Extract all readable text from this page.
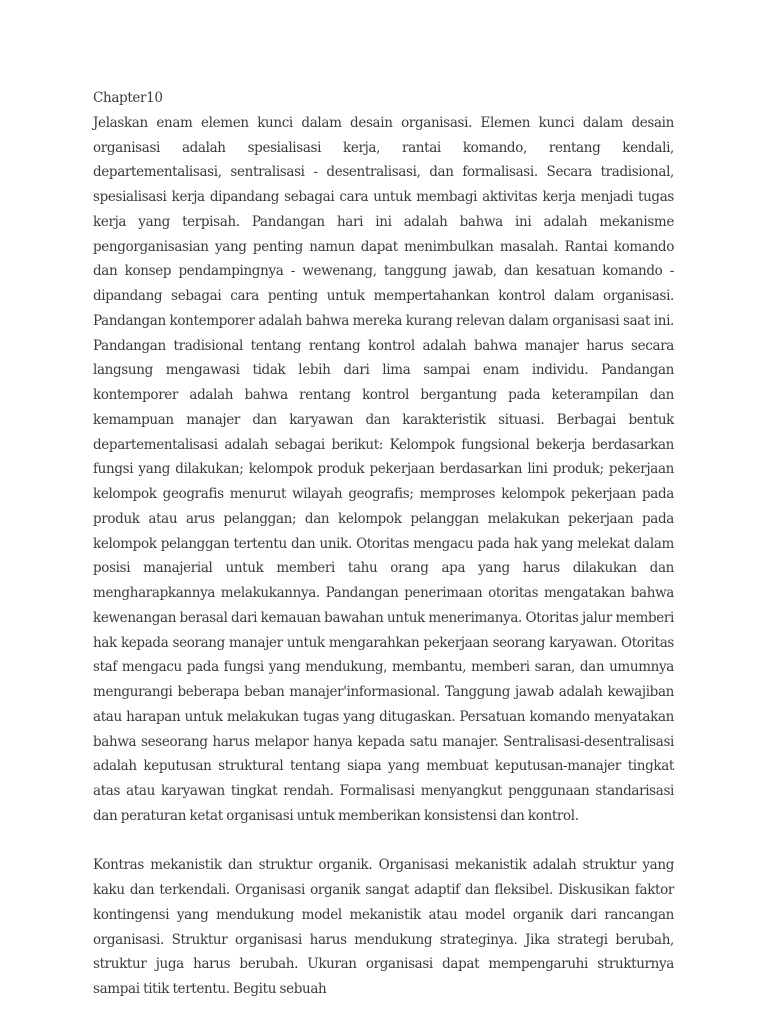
Chapter10

Jelaskan enam elemen kunci dalam desain organisasi. Elemen kunci dalam desain organisasi adalah spesialisasi kerja, rantai komando, rentang kendali, departementalisasi, sentralisasi - desentralisasi, dan formalisasi. Secara tradisional, spesialisasi kerja dipandang sebagai cara untuk membagi aktivitas kerja menjadi tugas kerja yang terpisah. Pandangan hari ini adalah bahwa ini adalah mekanisme pengorganisasian yang penting namun dapat menimbulkan masalah. Rantai komando dan konsep pendampingnya - wewenang, tanggung jawab, dan kesatuan komando - dipandang sebagai cara penting untuk mempertahankan kontrol dalam organisasi. Pandangan kontemporer adalah bahwa mereka kurang relevan dalam organisasi saat ini. Pandangan tradisional tentang rentang kontrol adalah bahwa manajer harus secara langsung mengawasi tidak lebih dari lima sampai enam individu. Pandangan kontemporer adalah bahwa rentang kontrol bergantung pada keterampilan dan kemampuan manajer dan karyawan dan karakteristik situasi. Berbagai bentuk departementalisasi adalah sebagai berikut: Kelompok fungsional bekerja berdasarkan fungsi yang dilakukan; kelompok produk pekerjaan berdasarkan lini produk; pekerjaan kelompok geografis menurut wilayah geografis; memproses kelompok pekerjaan pada produk atau arus pelanggan; dan kelompok pelanggan melakukan pekerjaan pada kelompok pelanggan tertentu dan unik. Otoritas mengacu pada hak yang melekat dalam posisi manajerial untuk memberi tahu orang apa yang harus dilakukan dan mengharapkannya melakukannya. Pandangan penerimaan otoritas mengatakan bahwa kewenangan berasal dari kemauan bawahan untuk menerimanya. Otoritas jalur memberi hak kepada seorang manajer untuk mengarahkan pekerjaan seorang karyawan. Otoritas staf mengacu pada fungsi yang mendukung, membantu, memberi saran, dan umumnya mengurangi beberapa beban manajer'informasional. Tanggung jawab adalah kewajiban atau harapan untuk melakukan tugas yang ditugaskan. Persatuan komando menyatakan bahwa seseorang harus melapor hanya kepada satu manajer. Sentralisasi-desentralisasi adalah keputusan struktural tentang siapa yang membuat keputusan-manajer tingkat atas atau karyawan tingkat rendah. Formalisasi menyangkut penggunaan standarisasi dan peraturan ketat organisasi untuk memberikan konsistensi dan kontrol.

Kontras mekanistik dan struktur organik. Organisasi mekanistik adalah struktur yang kaku dan terkendali. Organisasi organik sangat adaptif dan fleksibel. Diskusikan faktor kontingensi yang mendukung model mekanistik atau model organik dari rancangan organisasi. Struktur organisasi harus mendukung strateginya. Jika strategi berubah, struktur juga harus berubah. Ukuran organisasi dapat mempengaruhi strukturnya sampai titik tertentu. Begitu sebuah
